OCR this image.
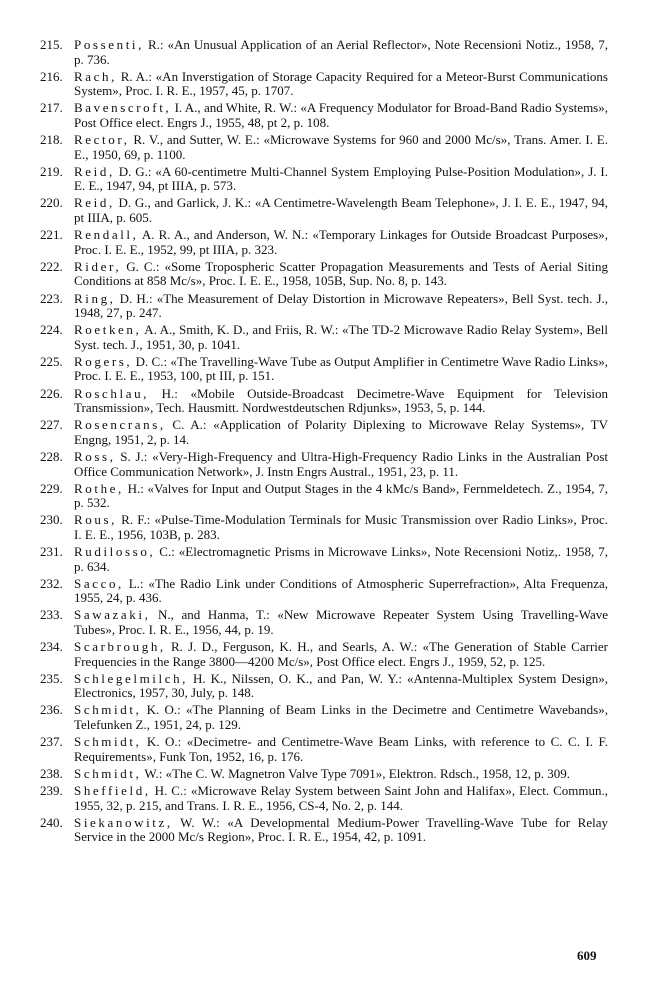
215. Possenti, R.: «An Unusual Application of an Aerial Reflector», Note Recensioni Notiz., 1958, 7, p. 736.
216. Rach, R. A.: «An Inverstigation of Storage Capacity Required for a Meteor-Burst Communications System», Proc. I. R. E., 1957, 45, p. 1707.
217. Bavenscroft, I. A., and White, R. W.: «A Frequency Modulator for Broad-Band Radio Systems», Post Office elect. Engrs J., 1955, 48, pt 2, p. 108.
218. Rector, R. V., and Sutter, W. E.: «Microwave Systems for 960 and 2000 Mc/s», Trans. Amer. I. E. E., 1950, 69, p. 1100.
219. Reid, D. G.: «A 60-centimetre Multi-Channel System Employing Pulse-Position Modulation», J. I. E. E., 1947, 94, pt IIIA, p. 573.
220. Reid, D. G., and Garlick, J. K.: «A Centimetre-Wavelength Beam Telephone», J. I. E. E., 1947, 94, pt IIIA, p. 605.
221. Rendall, A. R. A., and Anderson, W. N.: «Temporary Linkages for Outside Broadcast Purposes», Proc. I. E. E., 1952, 99, pt IIIA, p. 323.
222. Rider, G. C.: «Some Tropospheric Scatter Propagation Measurements and Tests of Aerial Siting Conditions at 858 Mc/s», Proc. I. E. E., 1958, 105B, Sup. No. 8, p. 143.
223. Ring, D. H.: «The Measurement of Delay Distortion in Microwave Repeaters», Bell Syst. tech. J., 1948, 27, p. 247.
224. Roetken, A. A., Smith, K. D., and Friis, R. W.: «The TD-2 Microwave Radio Relay System», Bell Syst. tech. J., 1951, 30, p. 1041.
225. Rogers, D. C.: «The Travelling-Wave Tube as Output Amplifier in Centimetre Wave Radio Links», Proc. I. E. E., 1953, 100, pt III, p. 151.
226. Roschlau, H.: «Mobile Outside-Broadcast Decimetre-Wave Equipment for Television Transmission», Tech. Hausmitt. Nordwestdeutschen Rdjunks», 1953, 5, p. 144.
227. Rosencrans, C. A.: «Application of Polarity Diplexing to Microwave Relay Systems», TV Engng, 1951, 2, p. 14.
228. Ross, S. J.: «Very-High-Frequency and Ultra-High-Frequency Radio Links in the Australian Post Office Communication Network», J. Instn Engrs Austral., 1951, 23, p. 11.
229. Rothe, H.: «Valves for Input and Output Stages in the 4 kMc/s Band», Fernmeldetech. Z., 1954, 7, p. 532.
230. Rous, R. F.: «Pulse-Time-Modulation Terminals for Music Transmission over Radio Links», Proc. I. E. E., 1956, 103B, p. 283.
231. Rudilosso, C.: «Electromagnetic Prisms in Microwave Links», Note Recensioni Notiz,. 1958, 7, p. 634.
232. Sacco, L.: «The Radio Link under Conditions of Atmospheric Superrefraction», Alta Frequenza, 1955, 24, p. 436.
233. Sawazaki, N., and Hanma, T.: «New Microwave Repeater System Using Travelling-Wave Tubes», Proc. I. R. E., 1956, 44, p. 19.
234. Scarbrough, R. J. D., Ferguson, K. H., and Searls, A. W.: «The Generation of Stable Carrier Frequencies in the Range 3800—4200 Mc/s», Post Office elect. Engrs J., 1959, 52, p. 125.
235. Schlegelmilch, H. K., Nilssen, O. K., and Pan, W. Y.: «Antenna-Multiplex System Design», Electronics, 1957, 30, July, p. 148.
236. Schmidt, K. O.: «The Planning of Beam Links in the Decimetre and Centimetre Wavebands», Telefunken Z., 1951, 24, p. 129.
237. Schmidt, K. O.: «Decimetre- and Centimetre-Wave Beam Links, with reference to C. C. I. F. Requirements», Funk Ton, 1952, 16, p. 176.
238. Schmidt, W.: «The C. W. Magnetron Valve Type 7091», Elektron. Rdsch., 1958, 12, p. 309.
239. Sheffield, H. C.: «Microwave Relay System between Saint John and Halifax», Elect. Commun., 1955, 32, p. 215, and Trans. I. R. E., 1956, CS-4, No. 2, p. 144.
240. Siekanowitz, W. W.: «A Developmental Medium-Power Travelling-Wave Tube for Relay Service in the 2000 Mc/s Region», Proc. I. R. E., 1954, 42, p. 1091.
609
